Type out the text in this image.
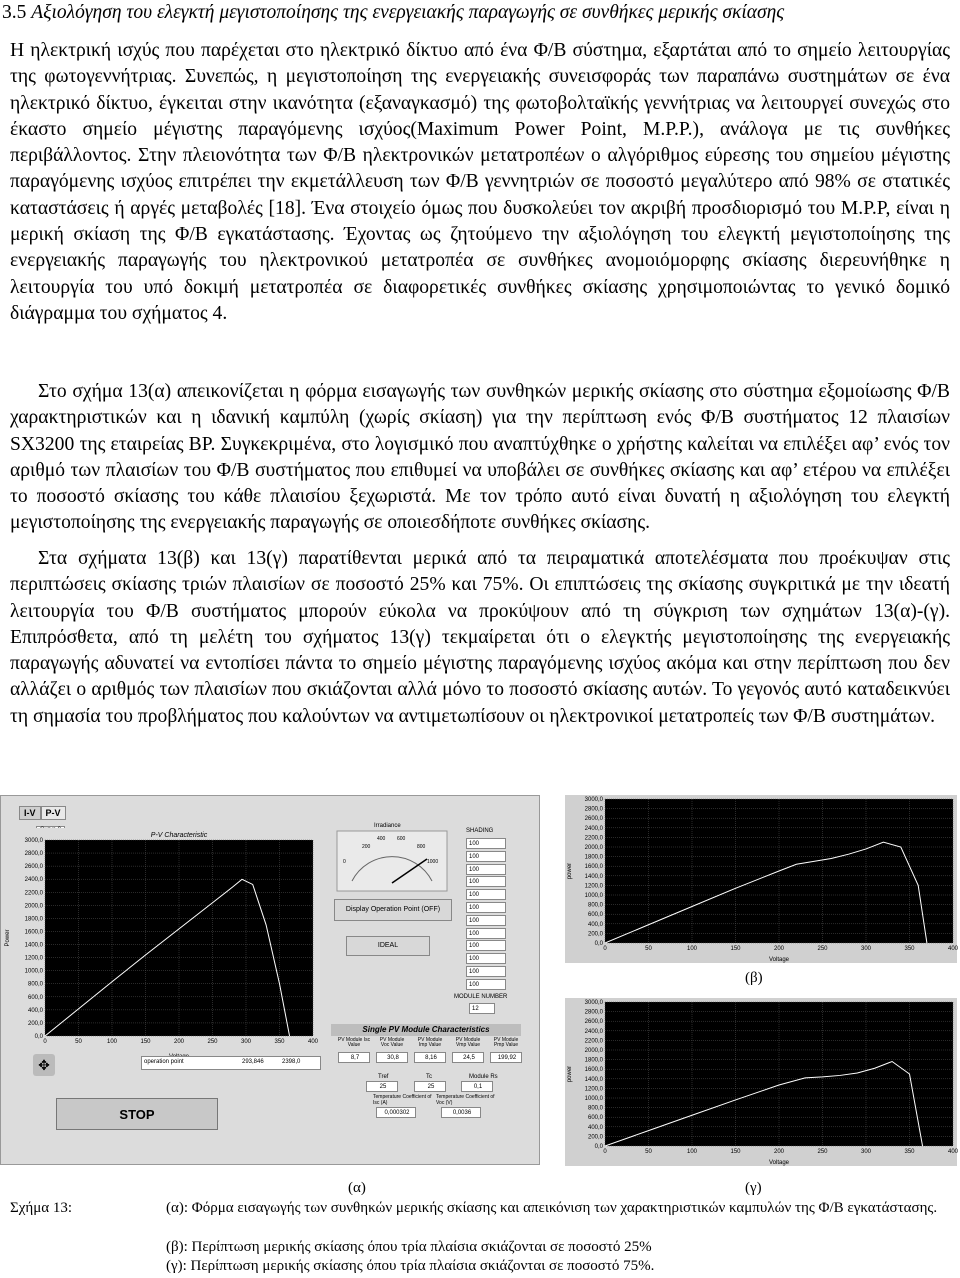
3.5 Αξιολόγηση του ελεγκτή μεγιστοποίησης της ενεργειακής παραγωγής σε συνθήκες μερικής σκίασης

Η ηλεκτρική ισχύς που παρέχεται στο ηλεκτρικό δίκτυο από ένα Φ/Β σύστημα, εξαρτάται από το σημείο λειτουργίας της φωτογεννήτριας. Συνεπώς, η μεγιστοποίηση της ενεργειακής συνεισφοράς των παραπάνω συστημάτων σε ένα ηλεκτρικό δίκτυο, έγκειται στην ικανότητα (εξαναγκασμό) της φωτοβολταϊκής γεννήτριας να λειτουργεί συνεχώς στο έκαστο σημείο μέγιστης παραγόμενης ισχύος(Maximum Power Point, M.P.P.), ανάλογα με τις συνθήκες περιβάλλοντος. Στην πλειονότητα των Φ/Β ηλεκτρονικών μετατροπέων ο αλγόριθμος εύρεσης του σημείου μέγιστης παραγόμενης ισχύος επιτρέπει την εκμετάλλευση των Φ/Β γεννητριών σε ποσοστό μεγαλύτερο από 98% σε στατικές καταστάσεις ή αργές μεταβολές [18]. Ένα στοιχείο όμως που δυσκολεύει τον ακριβή προσδιορισμό του M.P.P, είναι η μερική σκίαση της Φ/Β εγκατάστασης. Έχοντας ως ζητούμενο την αξιολόγηση του ελεγκτή μεγιστοποίησης της ενεργειακής παραγωγής του ηλεκτρονικού μετατροπέα σε συνθήκες ανομοιόμορφης σκίασης διερευνήθηκε η λειτουργία του υπό δοκιμή μετατροπέα σε διαφορετικές συνθήκες σκίασης χρησιμοποιώντας το γενικό δομικό διάγραμμα του σχήματος 4.

Στο σχήμα 13(α) απεικονίζεται η φόρμα εισαγωγής των συνθηκών μερικής σκίασης στο σύστημα εξομοίωσης Φ/Β χαρακτηριστικών και η ιδανική καμπύλη (χωρίς σκίαση) για την περίπτωση ενός Φ/Β συστήματος 12 πλαισίων SX3200 της εταιρείας BP. Συγκεκριμένα, στο λογισμικό που αναπτύχθηκε ο χρήστης καλείται να επιλέξει αφ’ ενός τον αριθμό των πλαισίων του Φ/Β συστήματος που επιθυμεί να υποβάλει σε συνθήκες σκίασης και αφ’ ετέρου να επιλέξει το ποσοστό σκίασης του κάθε πλαισίου ξεχωριστά. Με τον τρόπο αυτό είναι δυνατή η αξιολόγηση του ελεγκτή μεγιστοποίησης της ενεργειακής παραγωγής σε οποιεσδήποτε συνθήκες σκίασης.

Στα σχήματα 13(β) και 13(γ) παρατίθενται μερικά από τα πειραματικά αποτελέσματα που προέκυψαν στις περιπτώσεις σκίασης τριών πλαισίων σε ποσοστό 25% και 75%. Οι επιπτώσεις της σκίασης συγκριτικά με την ιδεατή λειτουργία του Φ/Β συστήματος μπορούν εύκολα να προκύψουν από τη σύγκριση των σχημάτων 13(α)-(γ). Επιπρόσθετα, από τη μελέτη του σχήματος 13(γ) τεκμαίρεται ότι ο ελεγκτής μεγιστοποίησης της ενεργειακής παραγωγής αδυνατεί να εντοπίσει πάντα το σημείο μέγιστης παραγόμενης ισχύος ακόμα και στην περίπτωση που δεν αλλάζει ο αριθμός των πλαισίων που σκιάζονται αλλά μόνο το ποσοστό σκίασης αυτών. Το γεγονός αυτό καταδεικνύει τη σημασία του προβλήματος που καλούντων να αντιμετωπίσουν οι ηλεκτρονικοί μετατροπείς των Φ/Β συστημάτων.

I-V P-V
0,0
200,0
400,0
600,0
800,0
1000,0
1200,0
1400,0
1600,0
1800,0
2000,0
2200,0
2400,0
2600,0
2800,0
3000,0
0	50	100	150	200	250	300	350	400
Power
P-V Characteristic
operation point	293,846	2398,0
✥
STOP
Irradiance
0
200
400 600
800
1000
Display Operation Point (OFF)
IDEAL
SHADING
100
100
100
100
100
100
100
100
100
100
100
100
MODULE NUMBER
12
Single PV Module Characteristics
PV Module Isc Value
8,7
PV Module Voc Value
30,8
PV Module Imp Value
8,16
PV Module Vmp Value
24,5
PV Module Pmp Value
199,92
Tref
25
Tc
25
Module Rs
0,1
Temperature Coefficient of Isc (A)
0,000302
Temperature Coefficient of Voc (V)
0,0036
0,0
200,0
400,0
600,0
800,0
1000,0
1200,0
1400,0
1600,0
1800,0
2000,0
2200,0
2400,0
2600,0
2800,0
3000,0
0	50	100	150	200	250	300	350	400
Voltage
power
(β)
0,0
200,0
400,0
600,0
800,0
1000,0
1200,0
1400,0
1600,0
1800,0
2000,0
2200,0
2400,0
2600,0
2800,0
3000,0
0	50	100	150	200	250	300	350	400
Voltage
power
(α)	(γ)
Σχήμα 13:	(α): Φόρμα εισαγωγής των συνθηκών μερικής σκίασης και απεικόνιση των χαρακτηριστικών καμπυλών της Φ/Β εγκατάστασης.
(β): Περίπτωση μερικής σκίασης όπου τρία πλαίσια σκιάζονται σε ποσοστό 25%
(γ): Περίπτωση μερικής σκίασης όπου τρία πλαίσια σκιάζονται σε ποσοστό 75%.
